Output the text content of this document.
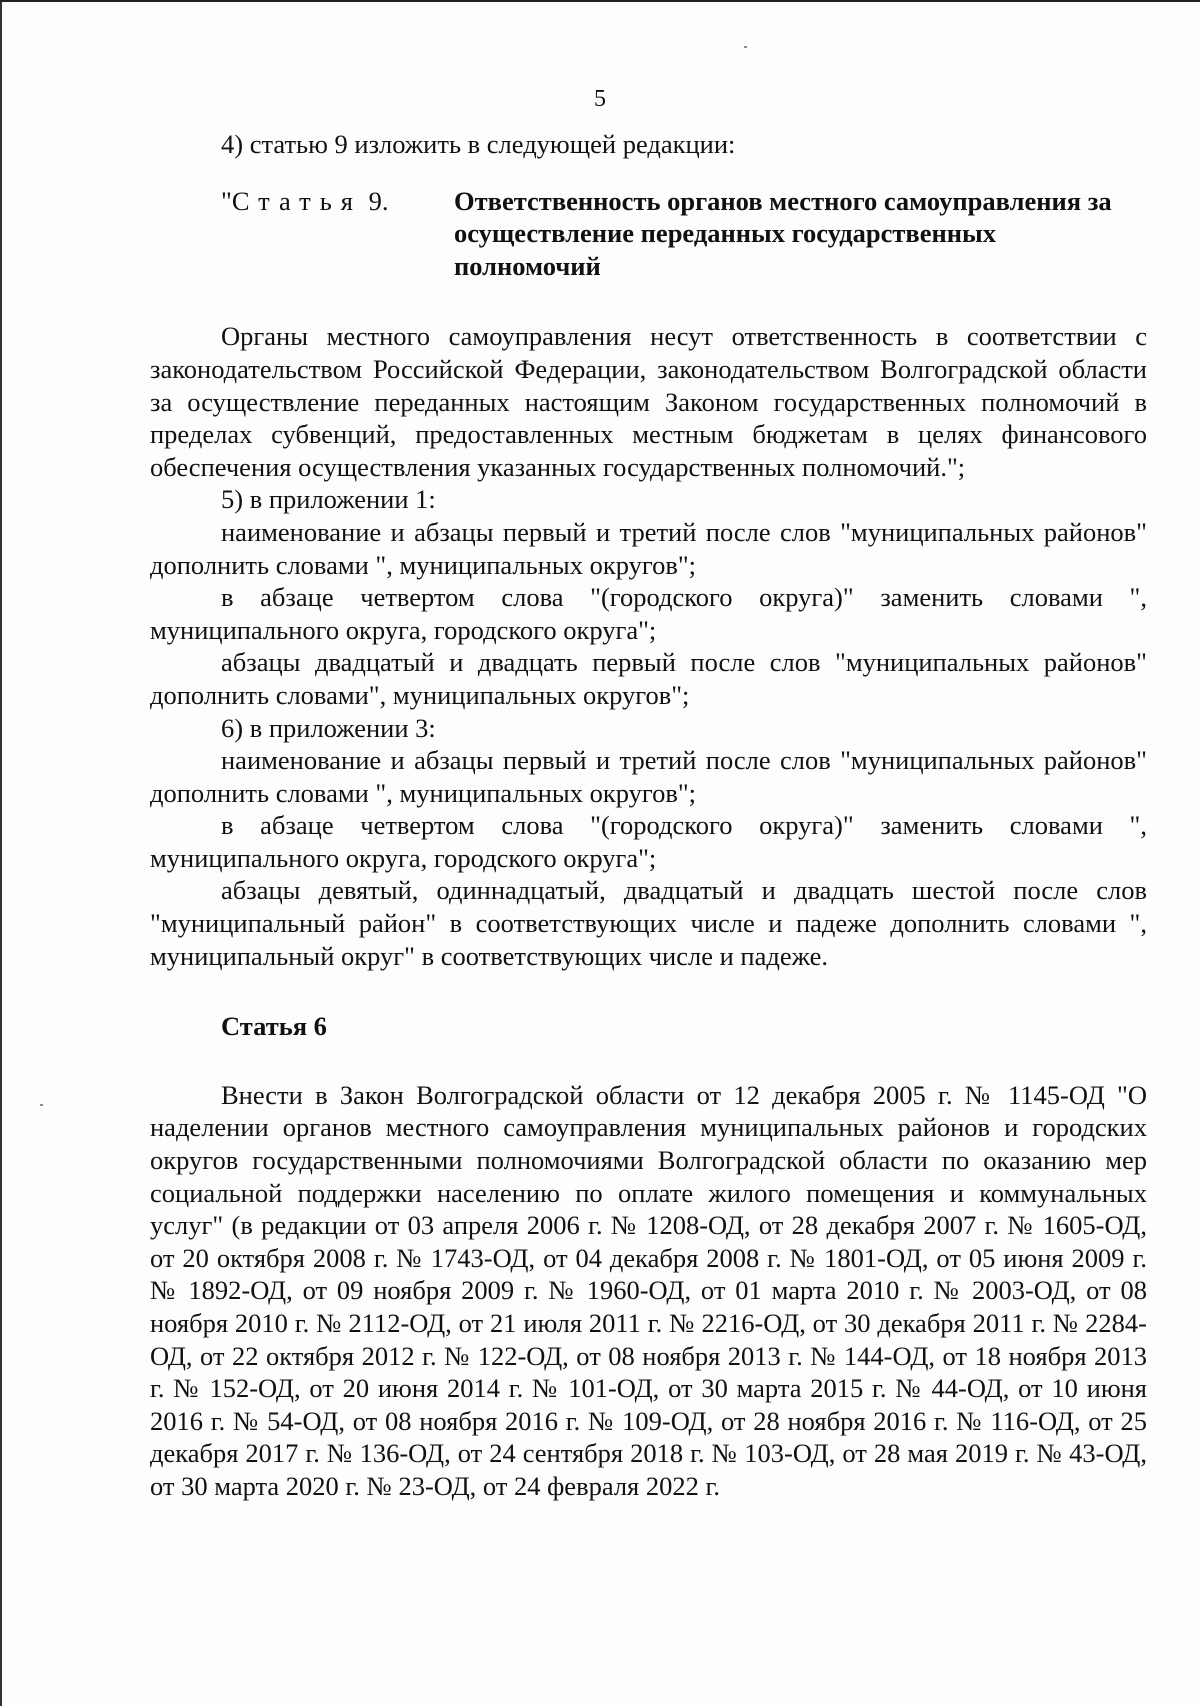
5

4) статью 9 изложить в следующей редакции:

"Статья 9.	Ответственность органов местного самоуправления за осуществление переданных государственных полномочий

Органы местного самоуправления несут ответственность в соответствии с законодательством Российской Федерации, законодательством Волгоградской области за осуществление переданных настоящим Законом государственных полномочий в пределах субвенций, предоставленных местным бюджетам в целях финансового обеспечения осуществления указанных государственных полномочий.";

5) в приложении 1:

наименование и абзацы первый и третий после слов "муниципальных районов" дополнить словами ", муниципальных округов";

в абзаце четвертом слова "(городского округа)" заменить словами ", муниципального округа, городского округа";

абзацы двадцатый и двадцать первый после слов "муниципальных районов" дополнить словами", муниципальных округов";

6) в приложении 3:

наименование и абзацы первый и третий после слов "муниципальных районов" дополнить словами ", муниципальных округов";

в абзаце четвертом слова "(городского округа)" заменить словами ", муниципального округа, городского округа";

абзацы девятый, одиннадцатый, двадцатый и двадцать шестой после слов "муниципальный район" в соответствующих числе и падеже дополнить словами ", муниципальный округ" в соответствующих числе и падеже.

Статья 6

Внести в Закон Волгоградской области от 12 декабря 2005 г. № 1145-ОД "О наделении органов местного самоуправления муниципальных районов и городских округов государственными полномочиями Волгоградской области по оказанию мер социальной поддержки населению по оплате жилого помещения и коммунальных услуг" (в редакции от 03 апреля 2006 г. № 1208-ОД, от 28 декабря 2007 г. № 1605-ОД, от 20 октября 2008 г. № 1743-ОД, от 04 декабря 2008 г. № 1801-ОД, от 05 июня 2009 г. № 1892-ОД, от 09 ноября 2009 г. № 1960-ОД, от 01 марта 2010 г. № 2003-ОД, от 08 ноября 2010 г. № 2112-ОД, от 21 июля 2011 г. № 2216-ОД, от 30 декабря 2011 г. № 2284-ОД, от 22 октября 2012 г. № 122-ОД, от 08 ноября 2013 г. № 144-ОД, от 18 ноября 2013 г. № 152-ОД, от 20 июня 2014 г. № 101-ОД, от 30 марта 2015 г. № 44-ОД, от 10 июня 2016 г. № 54-ОД, от 08 ноября 2016 г. № 109-ОД, от 28 ноября 2016 г. № 116-ОД, от 25 декабря 2017 г. № 136-ОД, от 24 сентября 2018 г. № 103-ОД, от 28 мая 2019 г. № 43-ОД, от 30 марта 2020 г. № 23-ОД, от 24 февраля 2022 г.
